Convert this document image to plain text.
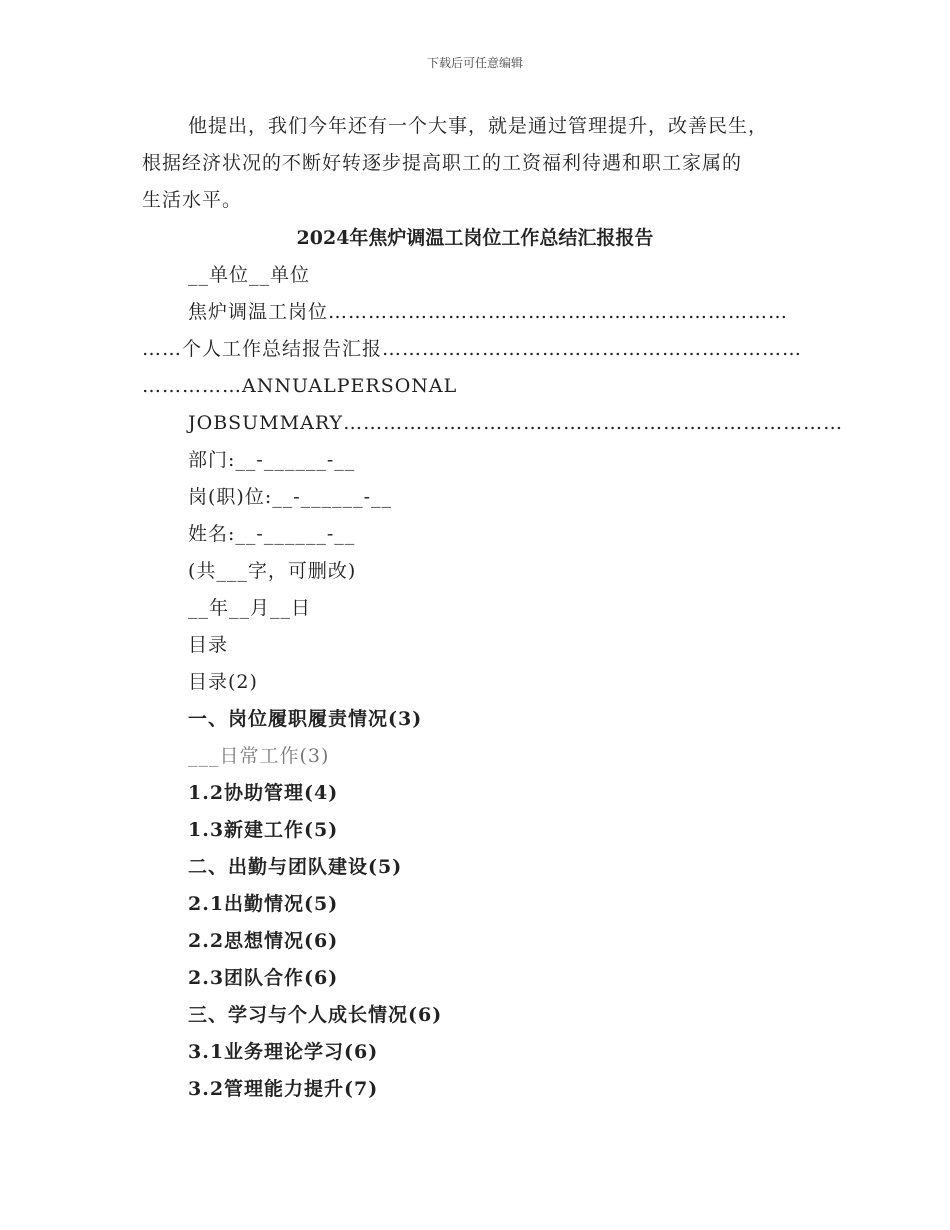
下载后可任意编辑
他提出，我们今年还有一个大事，就是通过管理提升，改善民生，
根据经济状况的不断好转逐步提高职工的工资福利待遇和职工家属的
生活水平。
2024年焦炉调温工岗位工作总结汇报报告
__单位__单位
焦炉调温工岗位……………………………………………………………
……个人工作总结报告汇报………………………………………………………
……………ANNUALPERSONAL
JOBSUMMARY…………………………………………………………………
部门:__-______-__
岗(职)位:__-______-__
姓名:__-______-__
(共___字，可删改)
__年__月__日
目录
目录(2)
一、岗位履职履责情况(3)
___日常工作(3)
1.2协助管理(4)
1.3新建工作(5)
二、出勤与团队建设(5)
2.1出勤情况(5)
2.2思想情况(6)
2.3团队合作(6)
三、学习与个人成长情况(6)
3.1业务理论学习(6)
3.2管理能力提升(7)
